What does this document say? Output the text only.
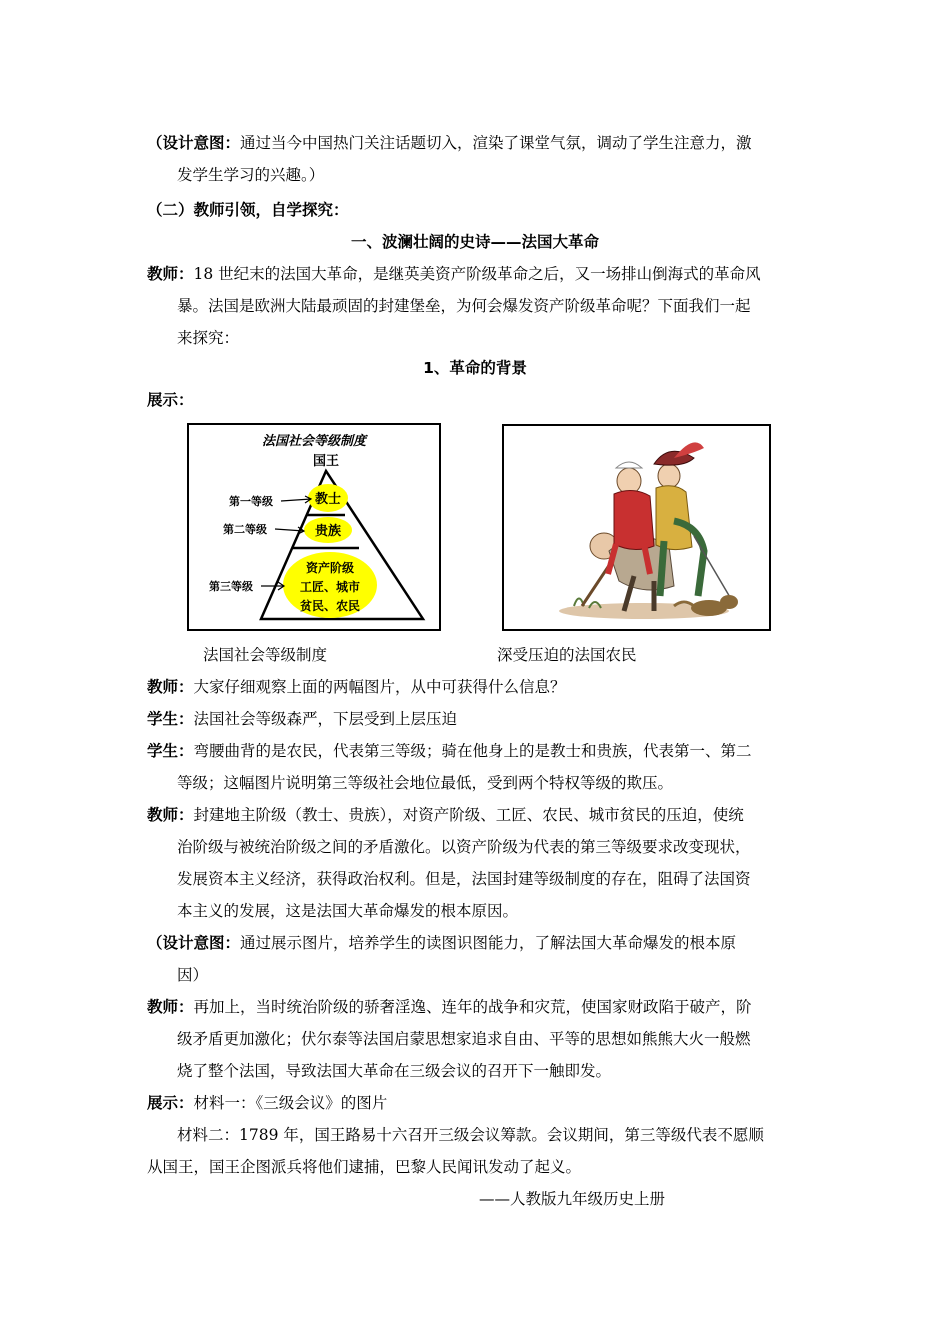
（设计意图：通过当今中国热门关注话题切入，渲染了课堂气氛，调动了学生注意力，激
发学生学习的兴趣。）
（二）教师引领，自学探究：
一、波澜壮阔的史诗——法国大革命
教师：18 世纪末的法国大革命，是继英美资产阶级革命之后，又一场排山倒海式的革命风
暴。法国是欧洲大陆最顽固的封建堡垒，为何会爆发资产阶级革命呢？下面我们一起
来探究：
1、革命的背景
展示：
法国社会等级制度
国王
教士
贵族
资产阶级
工匠、城市
贫民、农民
第一等级
第二等级
第三等级
法国社会等级制度	深受压迫的法国农民
教师：大家仔细观察上面的两幅图片，从中可获得什么信息？
学生：法国社会等级森严，下层受到上层压迫
学生：弯腰曲背的是农民，代表第三等级；骑在他身上的是教士和贵族，代表第一、第二
等级；这幅图片说明第三等级社会地位最低，受到两个特权等级的欺压。
教师：封建地主阶级（教士、贵族），对资产阶级、工匠、农民、城市贫民的压迫，使统
治阶级与被统治阶级之间的矛盾激化。以资产阶级为代表的第三等级要求改变现状，
发展资本主义经济，获得政治权利。但是，法国封建等级制度的存在，阻碍了法国资
本主义的发展，这是法国大革命爆发的根本原因。
（设计意图：通过展示图片，培养学生的读图识图能力，了解法国大革命爆发的根本原
因）
教师：再加上，当时统治阶级的骄奢淫逸、连年的战争和灾荒，使国家财政陷于破产，阶
级矛盾更加激化；伏尔泰等法国启蒙思想家追求自由、平等的思想如熊熊大火一般燃
烧了整个法国，导致法国大革命在三级会议的召开下一触即发。
展示：材料一：《三级会议》的图片
材料二：1789 年，国王路易十六召开三级会议筹款。会议期间，第三等级代表不愿顺
从国王，国王企图派兵将他们逮捕，巴黎人民闻讯发动了起义。
——人教版九年级历史上册
